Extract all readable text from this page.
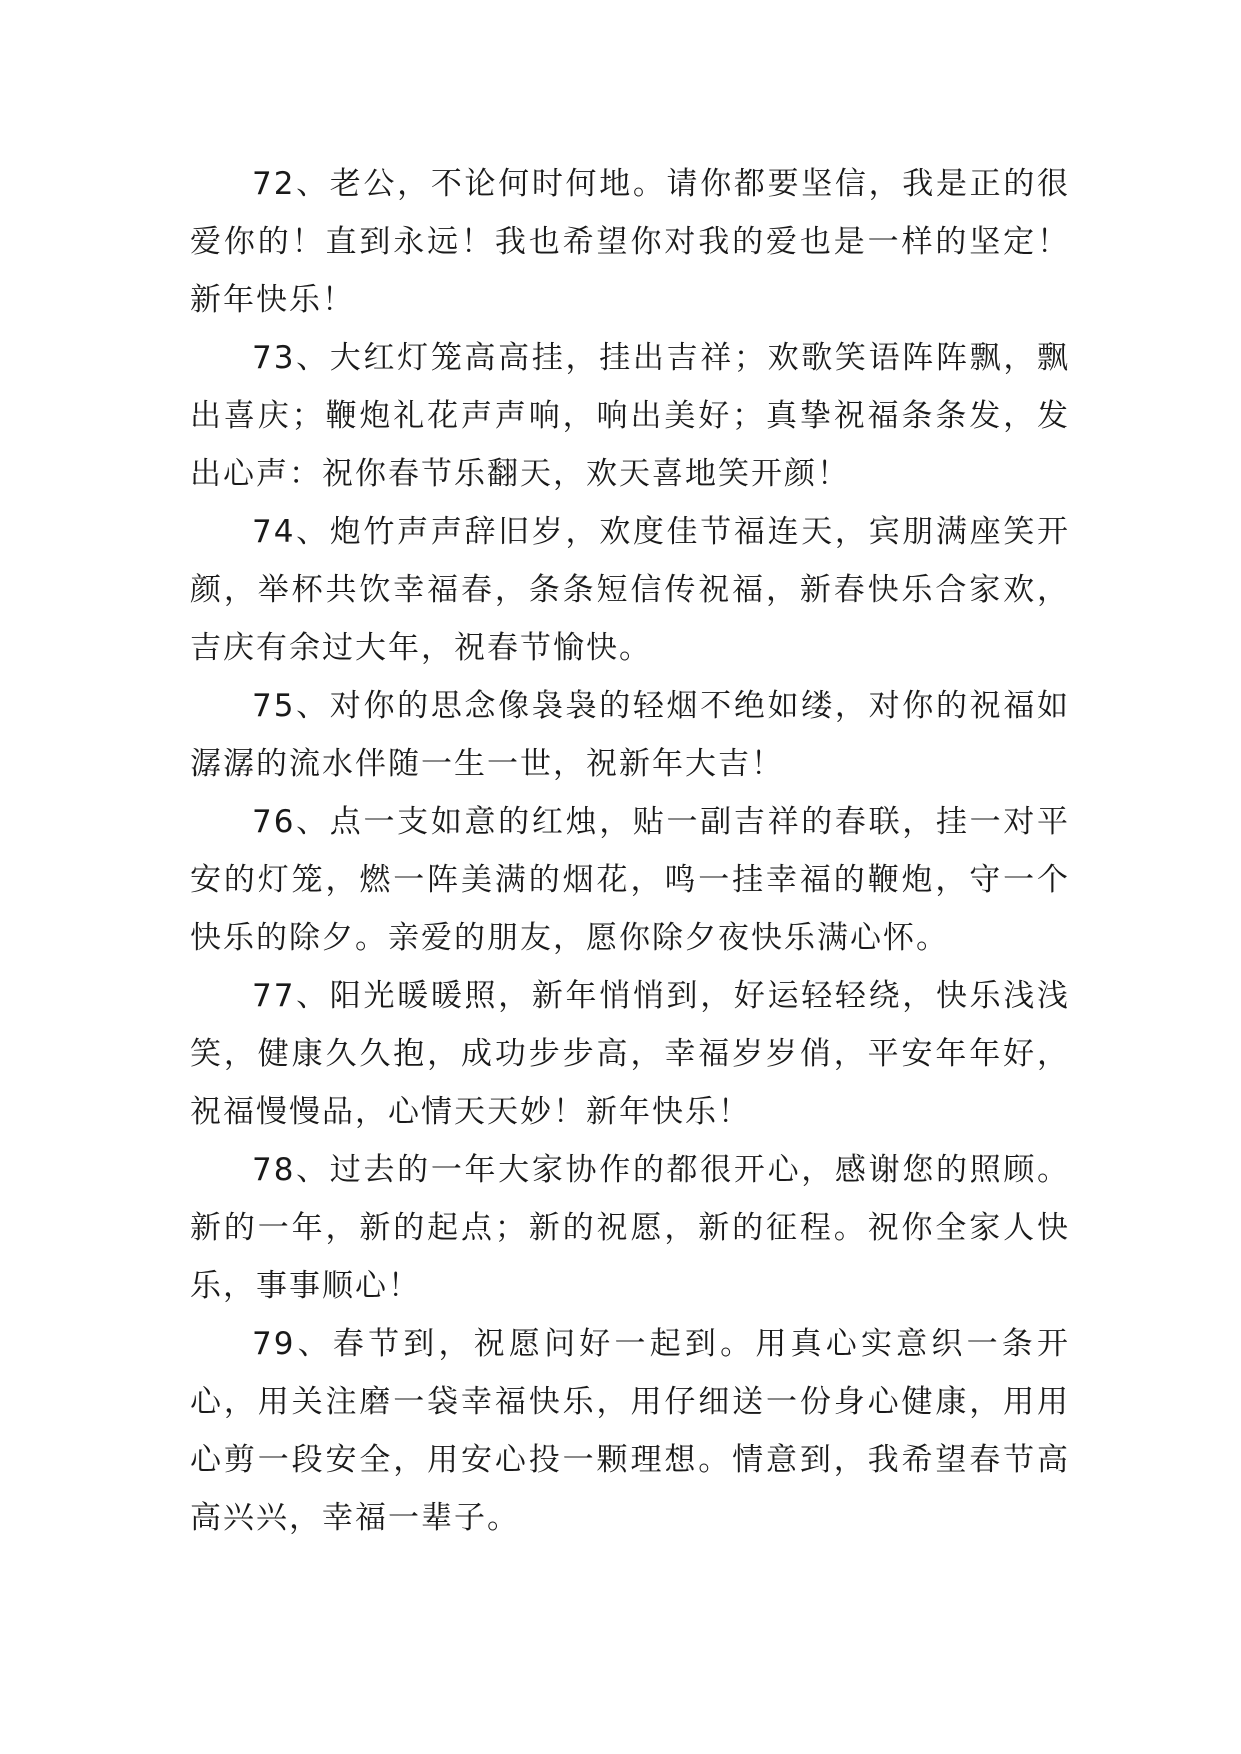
72、老公，不论何时何地。请你都要坚信，我是正的很爱你的！直到永远！我也希望你对我的爱也是一样的坚定！新年快乐！

73、大红灯笼高高挂，挂出吉祥；欢歌笑语阵阵飘，飘出喜庆；鞭炮礼花声声响，响出美好；真挚祝福条条发，发出心声：祝你春节乐翻天，欢天喜地笑开颜！

74、炮竹声声辞旧岁，欢度佳节福连天，宾朋满座笑开颜，举杯共饮幸福春，条条短信传祝福，新春快乐合家欢，吉庆有余过大年，祝春节愉快。

75、对你的思念像袅袅的轻烟不绝如缕，对你的祝福如潺潺的流水伴随一生一世，祝新年大吉！

76、点一支如意的红烛，贴一副吉祥的春联，挂一对平安的灯笼，燃一阵美满的烟花，鸣一挂幸福的鞭炮，守一个快乐的除夕。亲爱的朋友，愿你除夕夜快乐满心怀。

77、阳光暖暖照，新年悄悄到，好运轻轻绕，快乐浅浅笑，健康久久抱，成功步步高，幸福岁岁俏，平安年年好，祝福慢慢品，心情天天妙！新年快乐！

78、过去的一年大家协作的都很开心，感谢您的照顾。新的一年，新的起点；新的祝愿，新的征程。祝你全家人快乐，事事顺心！

79、春节到，祝愿问好一起到。用真心实意织一条开心，用关注磨一袋幸福快乐，用仔细送一份身心健康，用用心剪一段安全，用安心投一颗理想。情意到，我希望春节高高兴兴，幸福一辈子。
